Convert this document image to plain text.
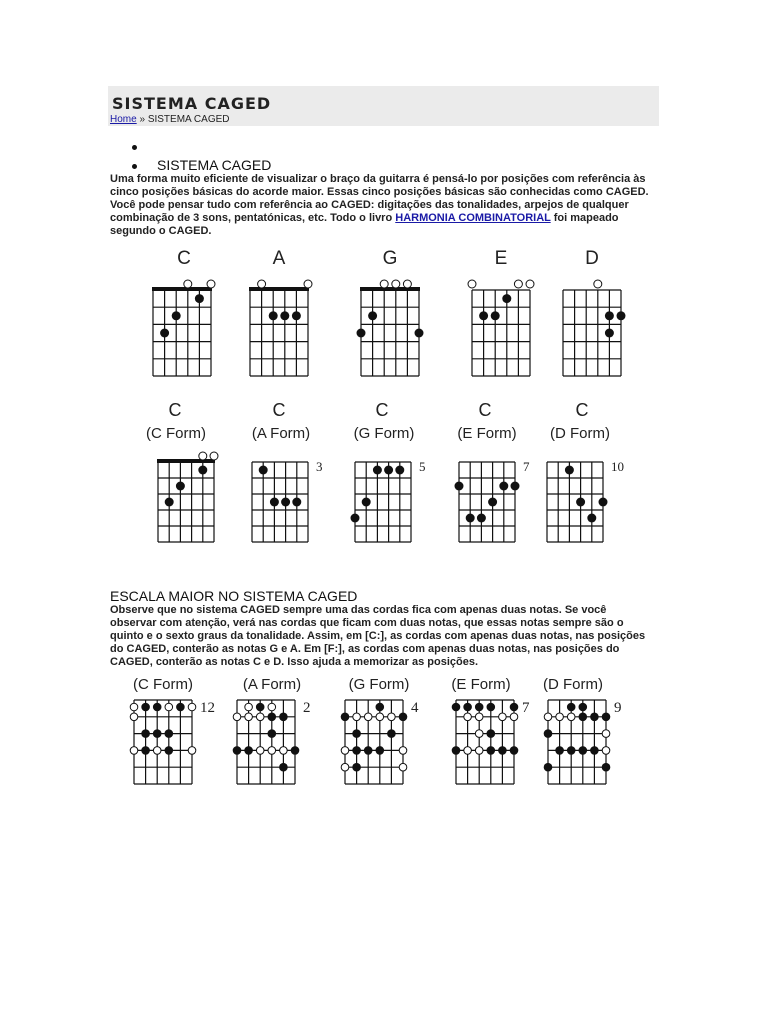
SISTEMA CAGED
Home » SISTEMA CAGED
SISTEMA CAGED

Uma forma muito eficiente de visualizar o braço da guitarra é pensá-lo por posições com referência às cinco posições básicas do acorde maior. Essas cinco posições básicas são conhecidas como CAGED. Você pode pensar tudo com referência ao CAGED: digitações das tonalidades, arpejos de qualquer combinação de 3 sons, pentatónicas, etc. Todo o livro HARMONIA COMBINATORIAL foi mapeado segundo o CAGED.

C	A	G	E	D
C
(C Form)
C
(A Form)
3
C
(G Form)
5
C
(E Form)
7
C
(D Form)
10
ESCALA MAIOR NO SISTEMA CAGED

Observe que no sistema CAGED sempre uma das cordas fica com apenas duas notas. Se você observar com atenção, verá nas cordas que ficam com duas notas, que essas notas sempre são o quinto e o sexto graus da tonalidade. Assim, em [C:], as cordas com apenas duas notas, nas posições do CAGED, conterão as notas G e A. Em [F:], as cordas com apenas duas notas, nas posições do CAGED, conterão as notas C e D. Isso ajuda a memorizar as posições.

(C Form)
12
(A Form)
2
(G Form)
4
(E Form)
7
(D Form)
9
